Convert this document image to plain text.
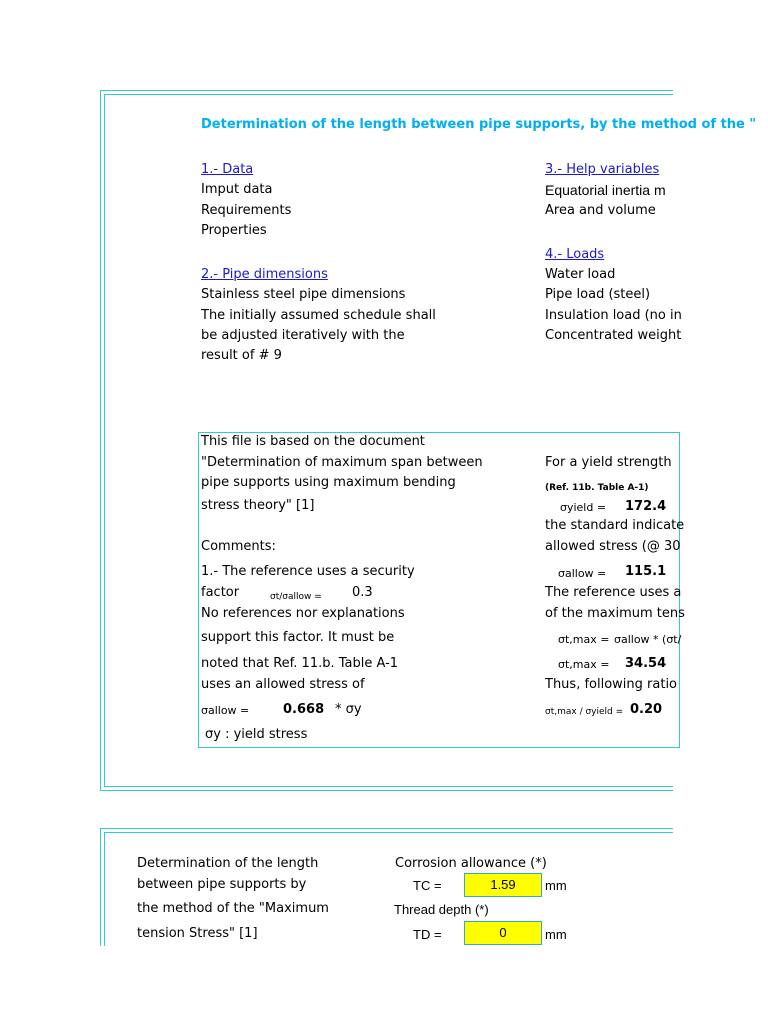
Determination of the length between pipe supports, by the method of the "
1.- Data
Imput data
Requirements
Properties
2.- Pipe dimensions
Stainless steel pipe dimensions
The initially assumed schedule shall
be adjusted iteratively with the
result of # 9
3.- Help variables
Equatorial inertia m
Area and volume
4.- Loads
Water load
Pipe load (steel)
Insulation load (no in
Concentrated weight
This file is based on the document
"Determination of maximum span between
pipe supports using maximum bending
stress theory" [1]
Comments:
1.- The reference uses a security
factor	σt/σallow = 0.3
No references nor explanations
support this factor. It must be
noted that Ref. 11.b. Table A-1
uses an allowed stress of
σallow =	0.668 * σy
σy : yield stress
For a yield strength
(Ref. 11b. Table A-1)
σyield = 172.4
the standard indicate
allowed stress (@ 30
σallow = 115.1
The reference uses a
of the maximum tens
σt,max = σallow * (σt/
σt,max = 34.54
Thus, following ratio
σt,max / σyield = 0.20
Determination of the length
between pipe supports by
the method of the "Maximum
tension Stress" [1]
Corrosion allowance (*)
TC =	1.59	mm
Thread depth (*)
TD =	0	mm
